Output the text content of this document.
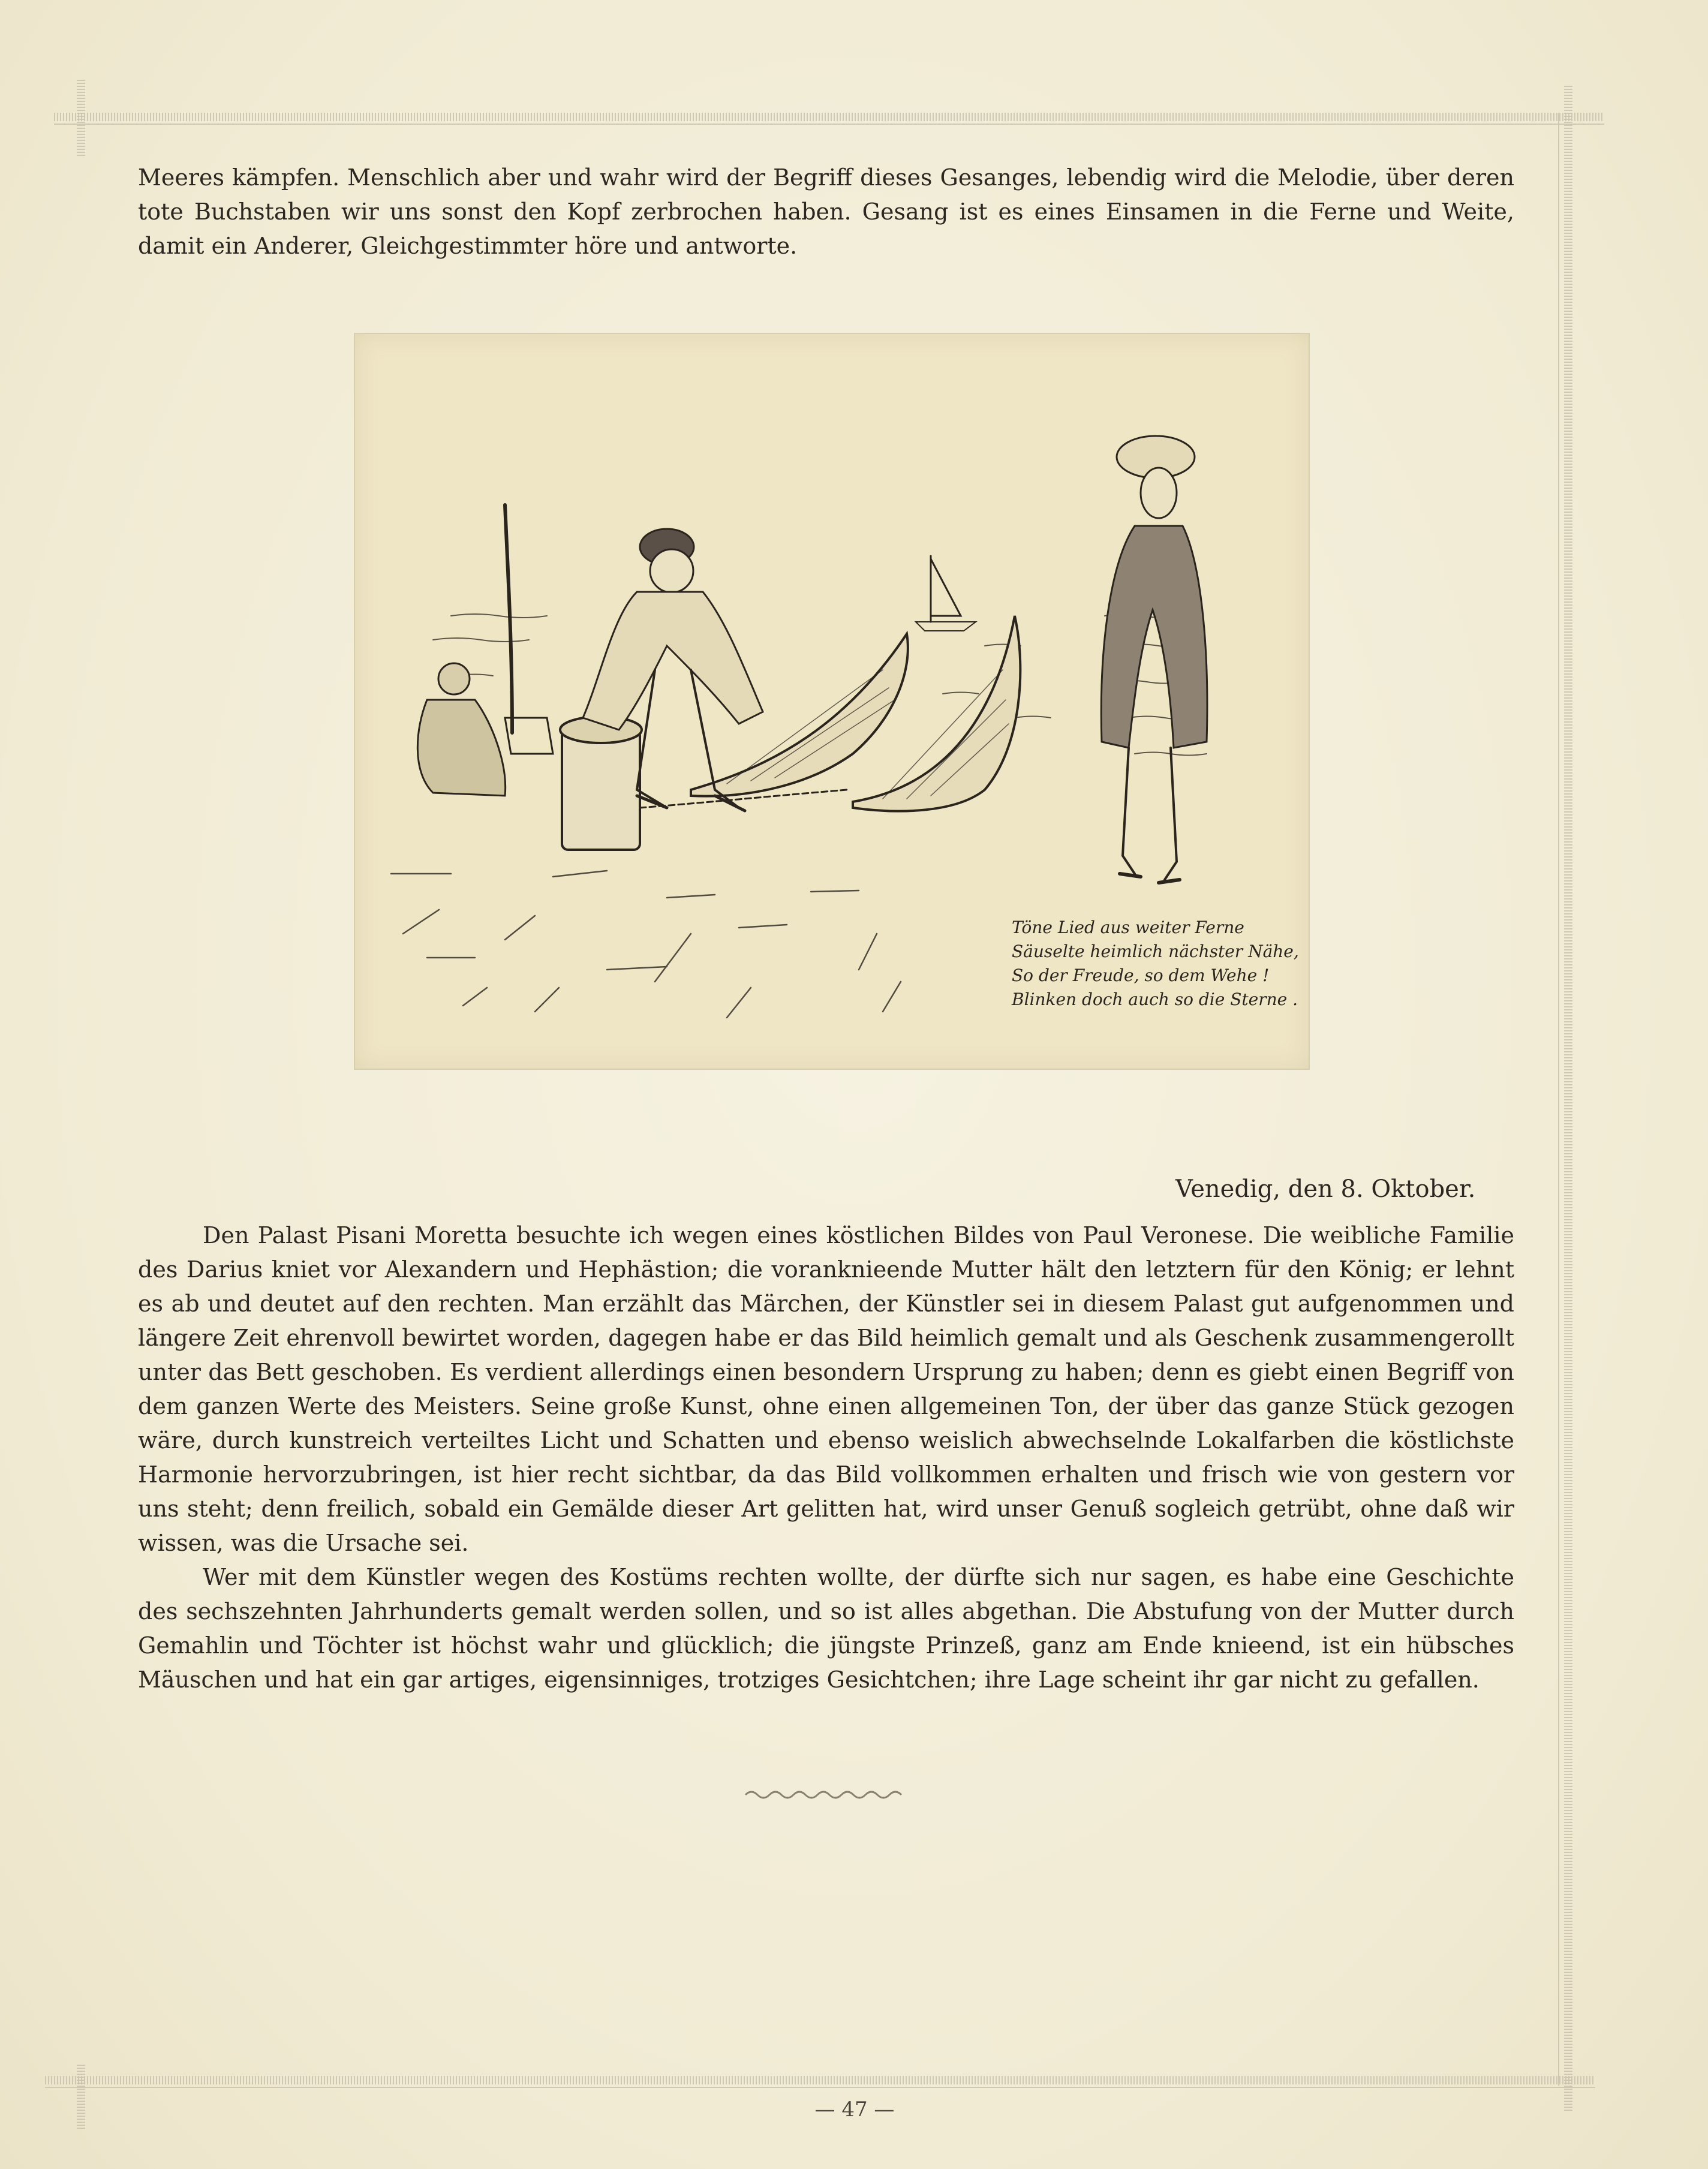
Meeres kämpfen. Menschlich aber und wahr wird der Begriff dieses Gesanges, lebendig wird die Melodie, über deren tote Buchstaben wir uns sonst den Kopf zerbrochen haben. Gesang ist es eines Einsamen in die Ferne und Weite, damit ein Anderer, Gleichgestimmter höre und antworte.

Töne Lied aus weiter Ferne
Säuselte heimlich nächster Nähe,
So der Freude, so dem Wehe !
Blinken doch auch so die Sterne .
Venedig, den 8. Oktober.

Den Palast Pisani Moretta besuchte ich wegen eines köstlichen Bildes von Paul Veronese. Die weibliche Familie des Darius kniet vor Alexandern und Hephästion; die voranknieende Mutter hält den letztern für den König; er lehnt es ab und deutet auf den rechten. Man erzählt das Märchen, der Künstler sei in diesem Palast gut aufgenommen und längere Zeit ehrenvoll bewirtet worden, dagegen habe er das Bild heimlich gemalt und als Geschenk zusammengerollt unter das Bett geschoben. Es verdient allerdings einen besondern Ursprung zu haben; denn es giebt einen Begriff von dem ganzen Werte des Meisters. Seine große Kunst, ohne einen allgemeinen Ton, der über das ganze Stück gezogen wäre, durch kunstreich verteiltes Licht und Schatten und ebenso weislich abwechselnde Lokalfarben die köstlichste Harmonie hervorzubringen, ist hier recht sichtbar, da das Bild vollkommen erhalten und frisch wie von gestern vor uns steht; denn freilich, sobald ein Gemälde dieser Art gelitten hat, wird unser Genuß sogleich getrübt, ohne daß wir wissen, was die Ursache sei.

Wer mit dem Künstler wegen des Kostüms rechten wollte, der dürfte sich nur sagen, es habe eine Geschichte des sechszehnten Jahrhunderts gemalt werden sollen, und so ist alles abgethan. Die Abstufung von der Mutter durch Gemahlin und Töchter ist höchst wahr und glücklich; die jüngste Prinzeß, ganz am Ende knieend, ist ein hübsches Mäuschen und hat ein gar artiges, eigensinniges, trotziges Gesichtchen; ihre Lage scheint ihr gar nicht zu gefallen.

— 47 —
